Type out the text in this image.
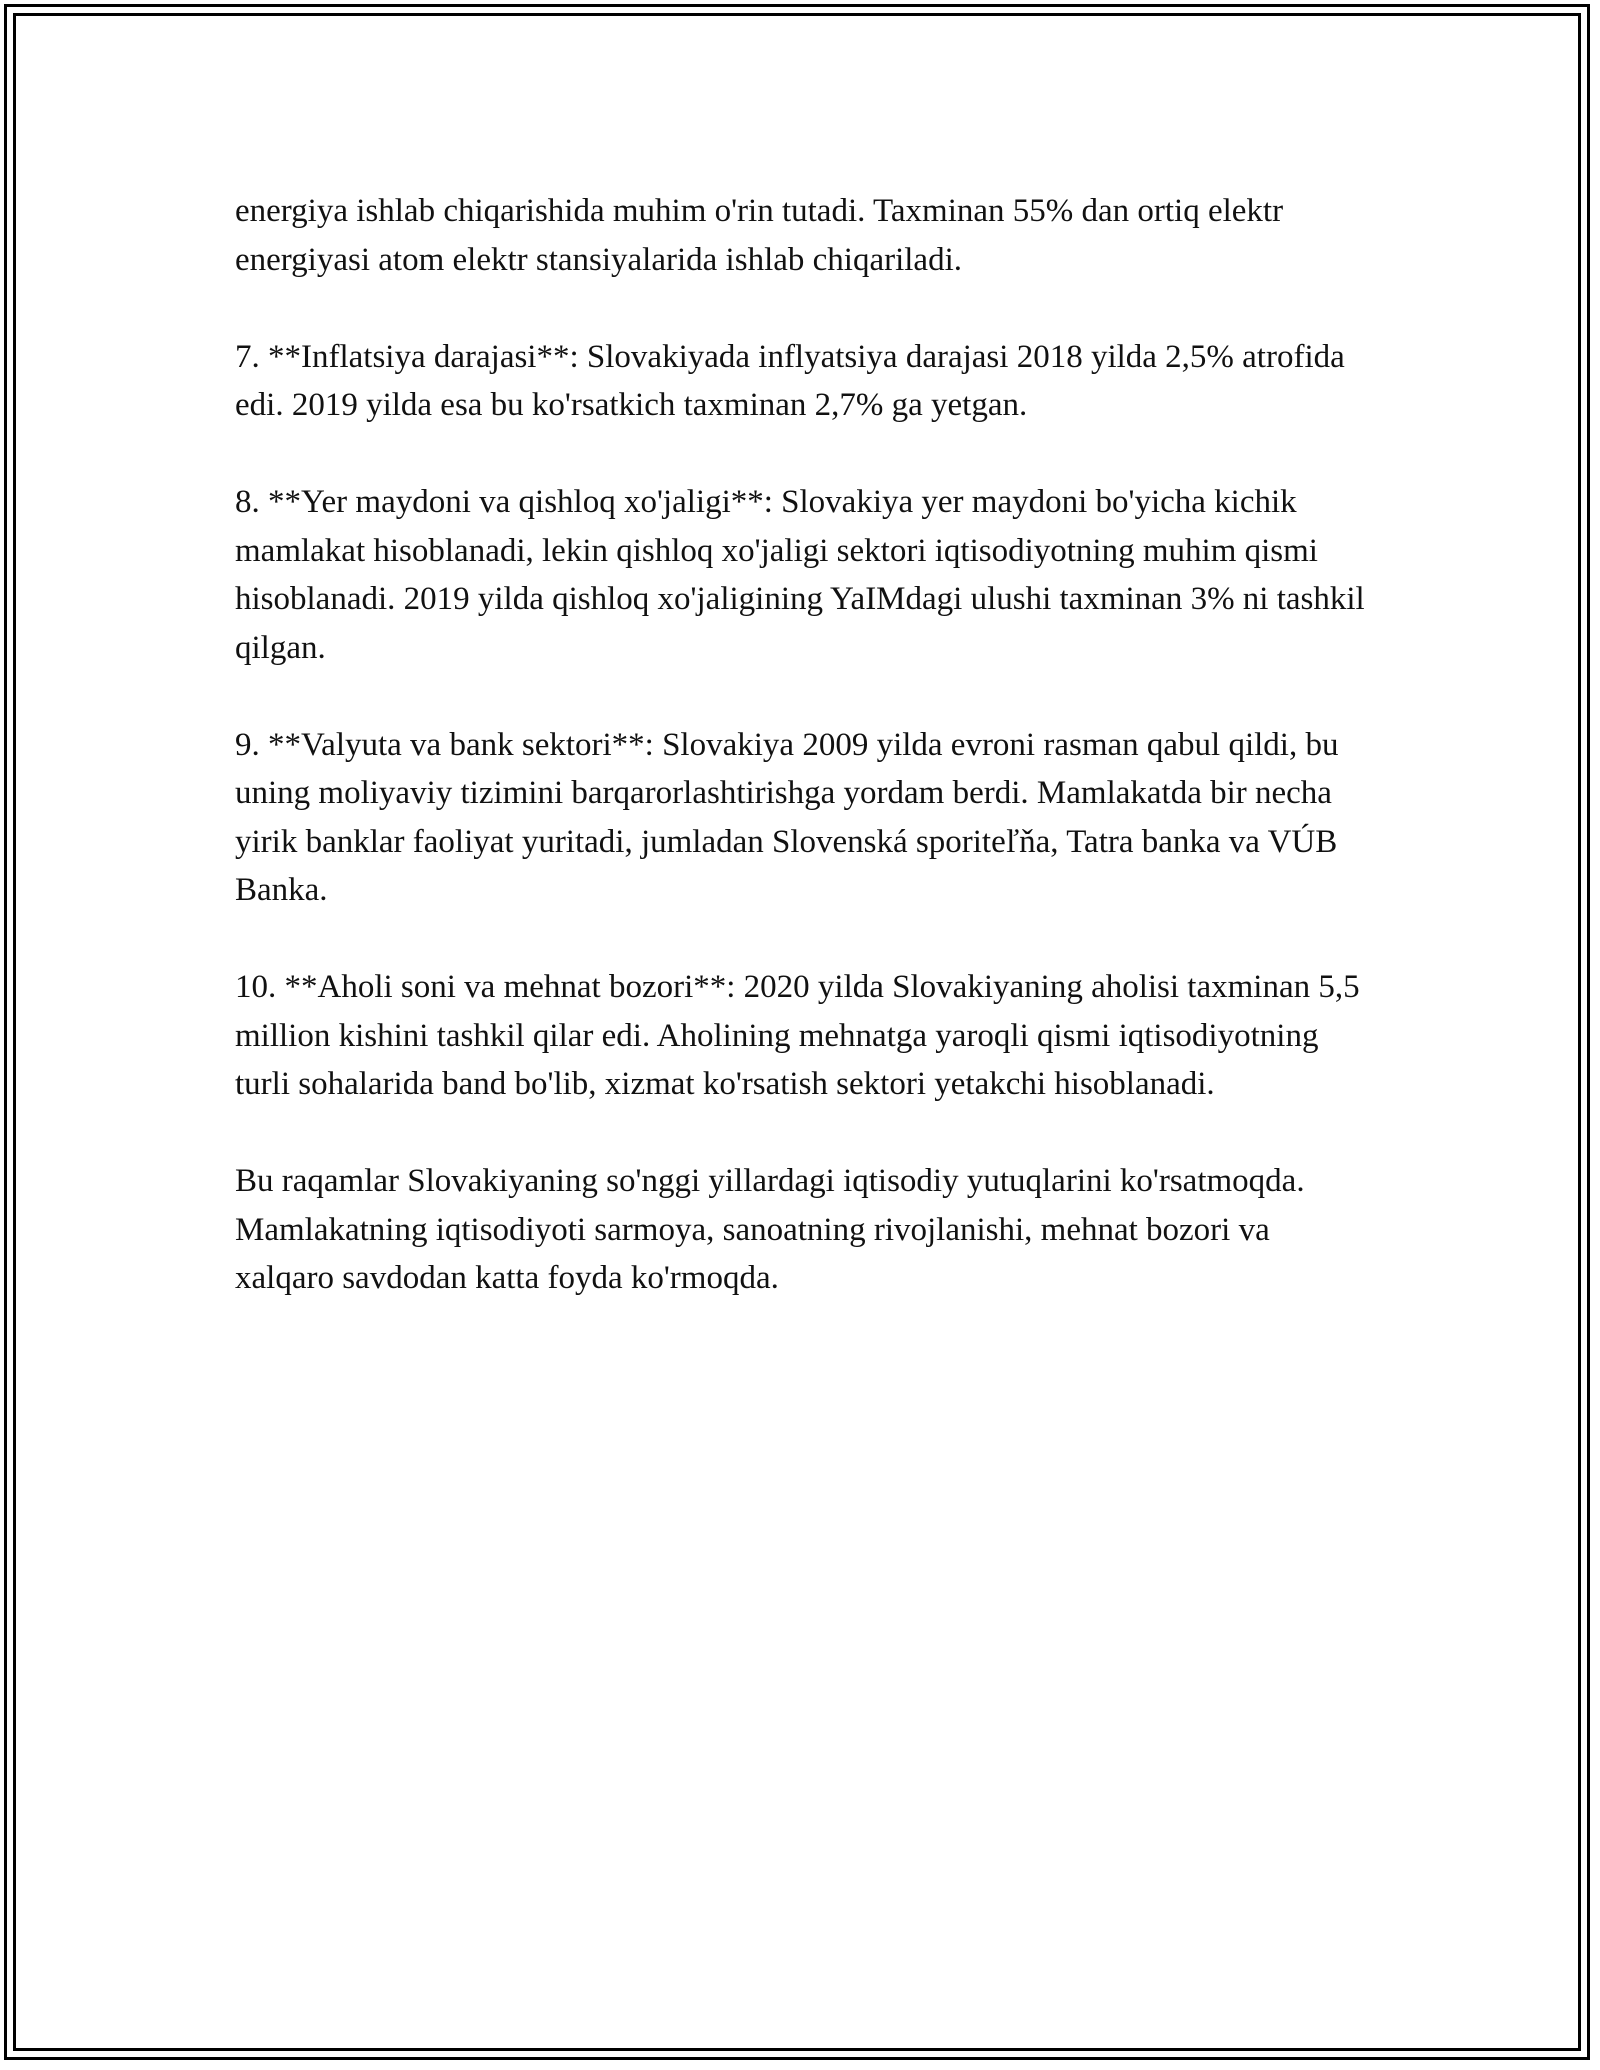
energiya ishlab chiqarishida muhim o'rin tutadi. Taxminan 55% dan ortiq elektr energiyasi atom elektr stansiyalarida ishlab chiqariladi.

7. **Inflatsiya darajasi**: Slovakiyada inflyatsiya darajasi 2018 yilda 2,5% atrofida edi. 2019 yilda esa bu ko'rsatkich taxminan 2,7% ga yetgan.

8. **Yer maydoni va qishloq xo'jaligi**: Slovakiya yer maydoni bo'yicha kichik mamlakat hisoblanadi, lekin qishloq xo'jaligi sektori iqtisodiyotning muhim qismi hisoblanadi. 2019 yilda qishloq xo'jaligining YaIMdagi ulushi taxminan 3% ni tashkil qilgan.

9. **Valyuta va bank sektori**: Slovakiya 2009 yilda evroni rasman qabul qildi, bu uning moliyaviy tizimini barqarorlashtirishga yordam berdi. Mamlakatda bir necha yirik banklar faoliyat yuritadi, jumladan Slovenská sporiteľňa, Tatra banka va VÚB Banka.

10. **Aholi soni va mehnat bozori**: 2020 yilda Slovakiyaning aholisi taxminan 5,5 million kishini tashkil qilar edi. Aholining mehnatga yaroqli qismi iqtisodiyotning turli sohalarida band bo'lib, xizmat ko'rsatish sektori yetakchi hisoblanadi.

Bu raqamlar Slovakiyaning so'nggi yillardagi iqtisodiy yutuqlarini ko'rsatmoqda. Mamlakatning iqtisodiyoti sarmoya, sanoatning rivojlanishi, mehnat bozori va xalqaro savdodan katta foyda ko'rmoqda.
